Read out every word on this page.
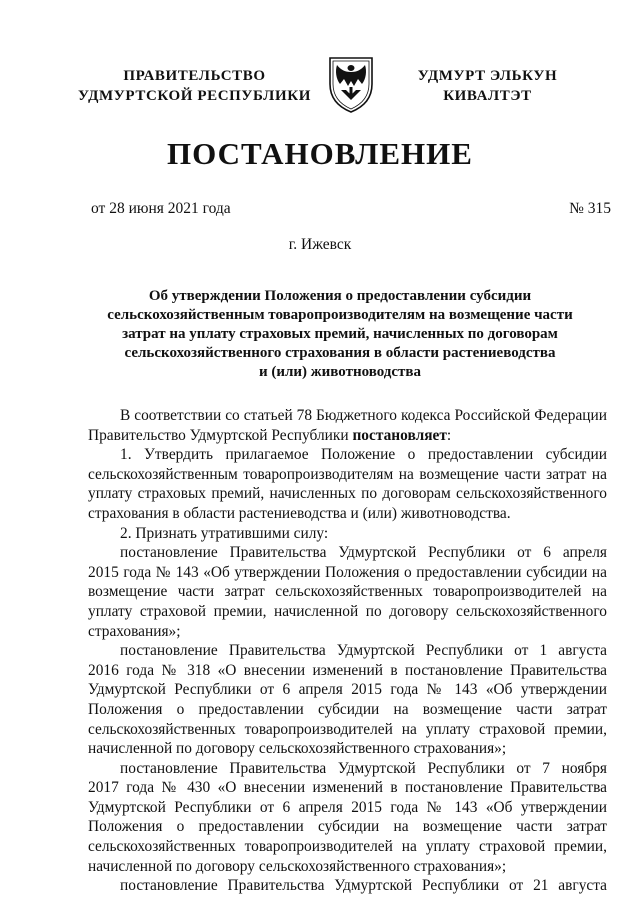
ПРАВИТЕЛЬСТВО
УДМУРТСКОЙ РЕСПУБЛИКИ
УДМУРТ ЭЛЬКУН
КИВАЛТЭТ
ПОСТАНОВЛЕНИЕ
от 28 июня 2021 года	№ 315
г. Ижевск
Об утверждении Положения о предоставлении субсидии
сельскохозяйственным товаропроизводителям на возмещение части
затрат на уплату страховых премий, начисленных по договорам
сельскохозяйственного страхования в области растениеводства
и (или) животноводства
В соответствии со статьей 78 Бюджетного кодекса Российской Федерации
Правительство Удмуртской Республики постановляет:
1. Утвердить прилагаемое Положение о предоставлении субсидии
сельскохозяйственным товаропроизводителям на возмещение части затрат на
уплату страховых премий, начисленных по договорам сельскохозяйственного
страхования в области растениеводства и (или) животноводства.
2. Признать утратившими силу:
постановление Правительства Удмуртской Республики от 6 апреля
2015 года № 143 «Об утверждении Положения о предоставлении субсидии на
возмещение части затрат сельскохозяйственных товаропроизводителей на
уплату страховой премии, начисленной по договору сельскохозяйственного
страхования»;
постановление Правительства Удмуртской Республики от 1 августа
2016 года № 318 «О внесении изменений в постановление Правительства
Удмуртской Республики от 6 апреля 2015 года № 143 «Об утверждении
Положения о предоставлении субсидии на возмещение части затрат
сельскохозяйственных товаропроизводителей на уплату страховой премии,
начисленной по договору сельскохозяйственного страхования»;
постановление Правительства Удмуртской Республики от 7 ноября
2017 года № 430 «О внесении изменений в постановление Правительства
Удмуртской Республики от 6 апреля 2015 года № 143 «Об утверждении
Положения о предоставлении субсидии на возмещение части затрат
сельскохозяйственных товаропроизводителей на уплату страховой премии,
начисленной по договору сельскохозяйственного страхования»;
постановление Правительства Удмуртской Республики от 21 августа
